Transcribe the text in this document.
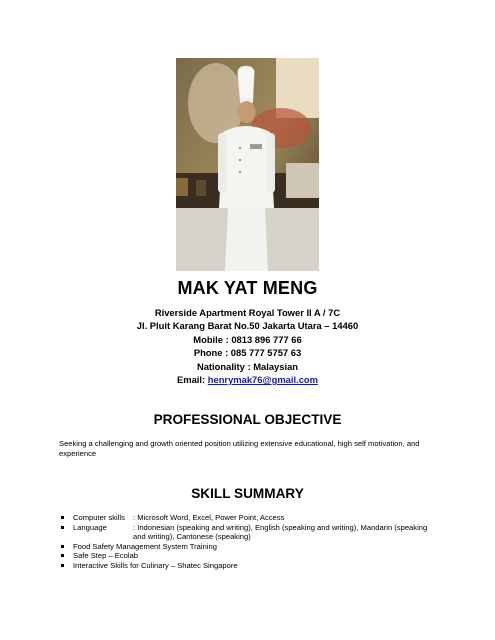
MAK YAT MENG
Riverside Apartment Royal Tower II A / 7C
Jl. Pluit Karang Barat No.50 Jakarta Utara – 14460
Mobile : 0813 896 777 66
Phone : 085 777 5757 63
Nationality : Malaysian
Email: henrymak76@gmail.com
PROFESSIONAL OBJECTIVE
Seeking a challenging and growth oriented position utilizing extensive educational, high self motivation, and experience
SKILL SUMMARY
Computer skills	: Microsoft Word, Excel, Power Point, Access
Language	: Indonesian (speaking and writing), English (speaking and writing), Mandarin (speaking and writing), Cantonese (speaking)
Food Safety Management System Training
Safe Step – Ecolab
Interactive Skills for Culinary – Shatec Singapore
